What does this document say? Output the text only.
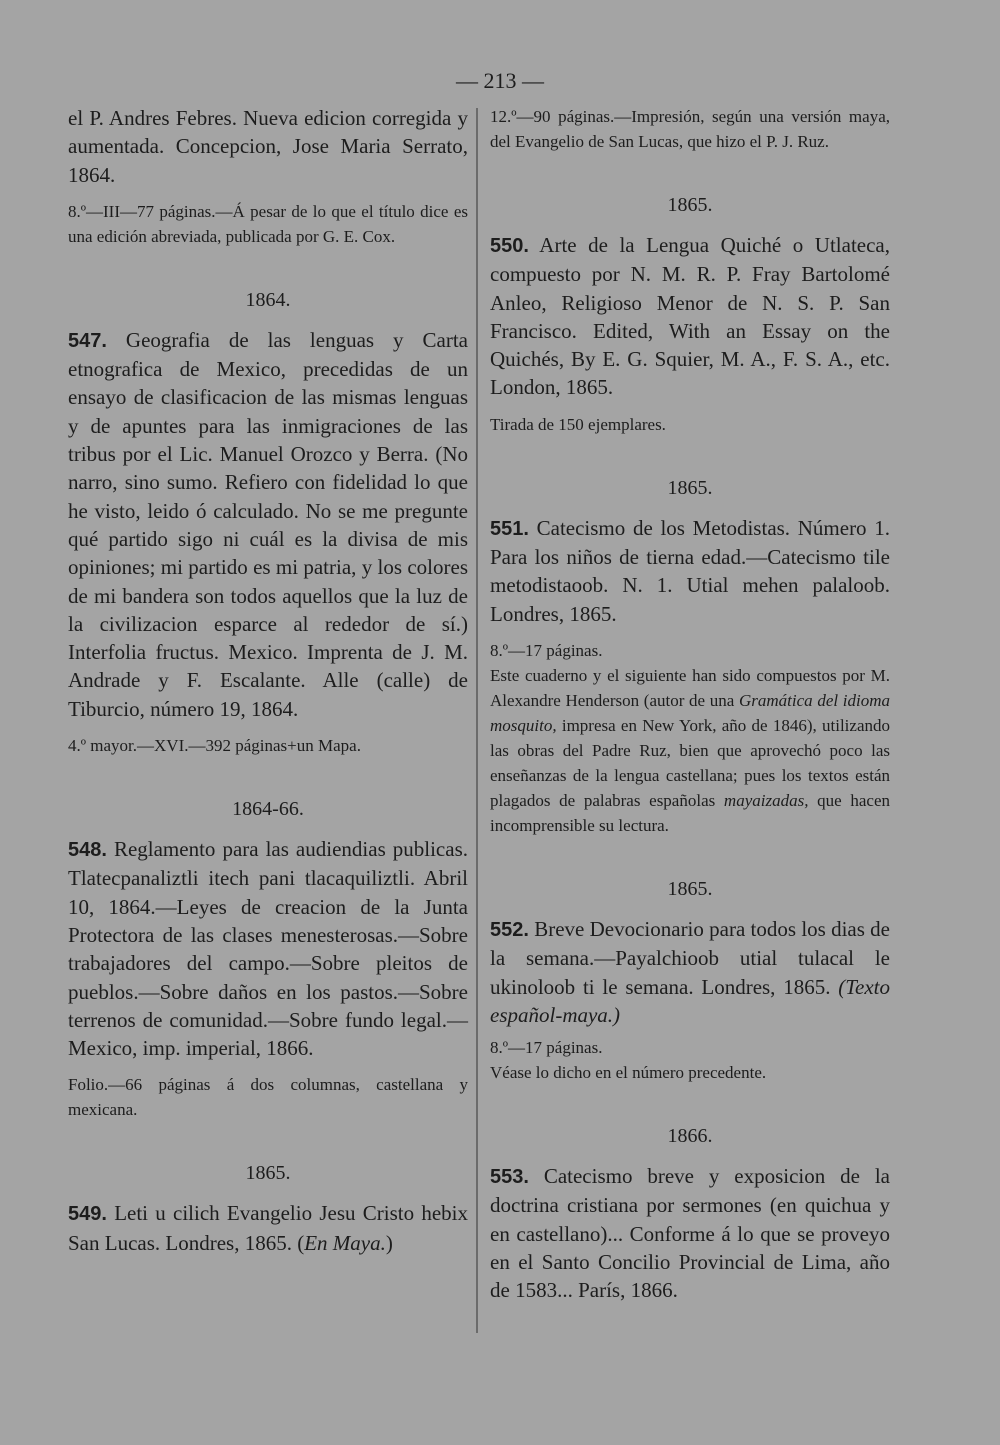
— 213 —

el P. Andres Febres. Nueva edicion corregida y aumentada. Concepcion, Jose Maria Serrato, 1864.

8.º—III—77 páginas.—Á pesar de lo que el título dice es una edición abreviada, publicada por G. E. Cox.

1864.

547. Geografia de las lenguas y Carta etnografica de Mexico, precedidas de un ensayo de clasificacion de las mismas lenguas y de apuntes para las inmigraciones de las tribus por el Lic. Manuel Orozco y Berra. (No narro, sino sumo. Refiero con fidelidad lo que he visto, leido ó calculado. No se me pregunte qué partido sigo ni cuál es la divisa de mis opiniones; mi partido es mi patria, y los colores de mi bandera son todos aquellos que la luz de la civilizacion esparce al rededor de sí.) Interfolia fructus. Mexico. Imprenta de J. M. Andrade y F. Escalante. Alle (calle) de Tiburcio, número 19, 1864.

4.º mayor.—XVI.—392 páginas+un Mapa.

1864-66.

548. Reglamento para las audiendias publicas. Tlatecpanaliztli itech pani tlacaquiliztli. Abril 10, 1864.—Leyes de creacion de la Junta Protectora de las clases menesterosas.—Sobre trabajadores del campo.—Sobre pleitos de pueblos.—Sobre daños en los pastos.—Sobre terrenos de comunidad.—Sobre fundo legal.—Mexico, imp. imperial, 1866.

Folio.—66 páginas á dos columnas, castellana y mexicana.

1865.

549. Leti u cilich Evangelio Jesu Cristo hebix San Lucas. Londres, 1865. (En Maya.)

12.º—90 páginas.—Impresión, según una versión maya, del Evangelio de San Lucas, que hizo el P. J. Ruz.

1865.

550. Arte de la Lengua Quiché o Utlateca, compuesto por N. M. R. P. Fray Bartolomé Anleo, Religioso Menor de N. S. P. San Francisco. Edited, With an Essay on the Quichés, By E. G. Squier, M. A., F. S. A., etc. London, 1865.

Tirada de 150 ejemplares.

1865.

551. Catecismo de los Metodistas. Número 1. Para los niños de tierna edad.—Catecismo tile metodistaoob. N. 1. Utial mehen palaloob. Londres, 1865.

8.º—17 páginas.

Este cuaderno y el siguiente han sido compuestos por M. Alexandre Henderson (autor de una Gramática del idioma mosquito, impresa en New York, año de 1846), utilizando las obras del Padre Ruz, bien que aprovechó poco las enseñanzas de la lengua castellana; pues los textos están plagados de palabras españolas mayaizadas, que hacen incomprensible su lectura.

1865.

552. Breve Devocionario para todos los dias de la semana.—Payalchioob utial tulacal le ukinoloob ti le semana. Londres, 1865. (Texto español-maya.)

8.º—17 páginas.

Véase lo dicho en el número precedente.

1866.

553. Catecismo breve y exposicion de la doctrina cristiana por sermones (en quichua y en castellano)... Conforme á lo que se proveyo en el Santo Concilio Provincial de Lima, año de 1583... París, 1866.
